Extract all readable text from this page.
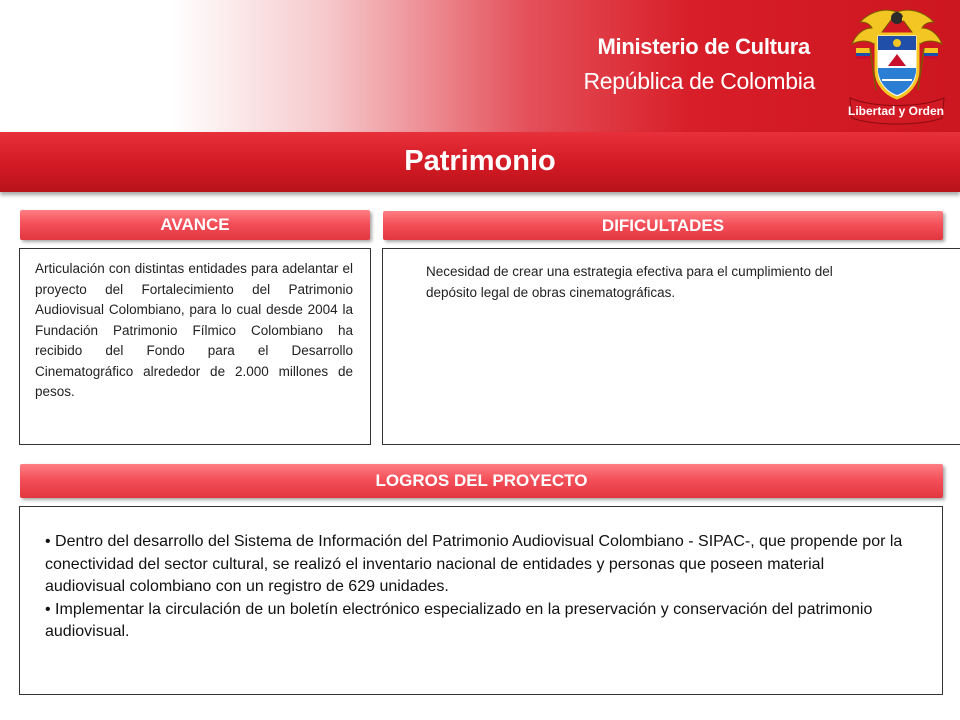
Ministerio de Cultura
República de Colombia
Libertad y Orden
Patrimonio
AVANCE
Articulación con distintas entidades para adelantar el proyecto del Fortalecimiento del Patrimonio Audiovisual Colombiano, para lo cual desde 2004 la Fundación Patrimonio Fílmico Colombiano ha recibido del Fondo para el Desarrollo Cinematográfico alrededor de 2.000 millones de pesos.
DIFICULTADES
Necesidad de crear una estrategia efectiva para el cumplimiento del depósito legal de obras cinematográficas.
LOGROS DEL PROYECTO

• Dentro del desarrollo del Sistema de Información del Patrimonio Audiovisual Colombiano - SIPAC-, que propende por la conectividad del sector cultural, se realizó el inventario nacional de entidades y personas que poseen material audiovisual colombiano con un registro de 629 unidades.

• Implementar la circulación de un boletín electrónico especializado en la preservación y conservación del patrimonio audiovisual.
